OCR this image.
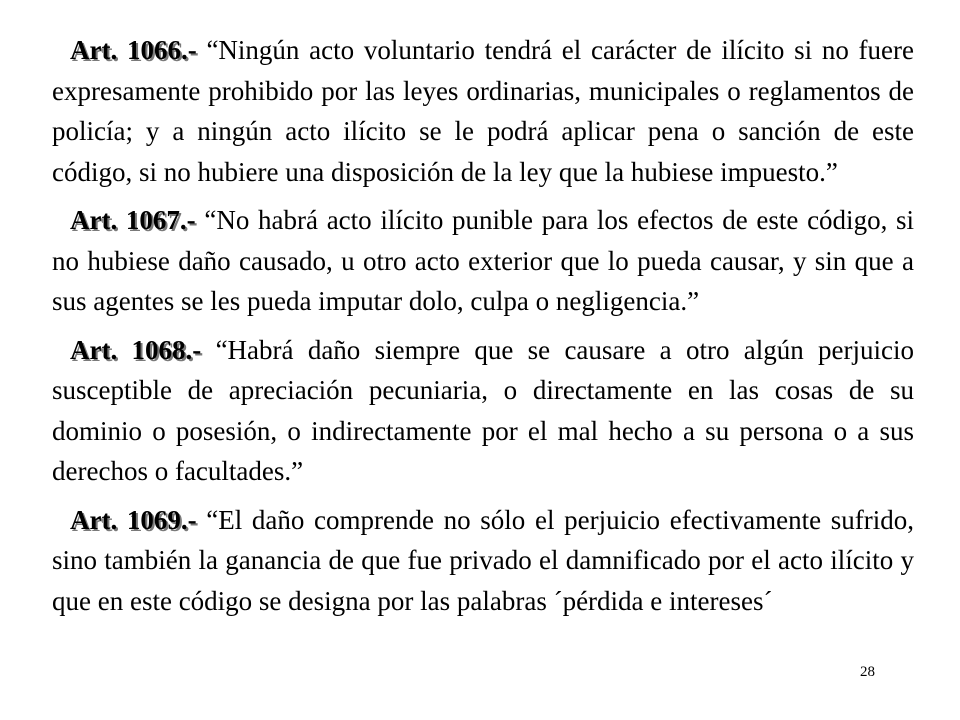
Art. 1066.- “Ningún acto voluntario tendrá el carácter de ilícito si no fuere expresamente prohibido por las leyes ordinarias, municipales o reglamentos de policía; y a ningún acto ilícito se le podrá aplicar pena o sanción de este código, si no hubiere una disposición de la ley que la hubiese impuesto.”

Art. 1067.- “No habrá acto ilícito punible para los efectos de este código, si no hubiese daño causado, u otro acto exterior que lo pueda causar, y sin que a sus agentes se les pueda imputar dolo, culpa o negligencia.”

Art. 1068.- “Habrá daño siempre que se causare a otro algún perjuicio susceptible de apreciación pecuniaria, o directamente en las cosas de su dominio o posesión, o indirectamente por el mal hecho a su persona o a sus derechos o facultades.”

Art. 1069.- “El daño comprende no sólo el perjuicio efectivamente sufrido, sino también la ganancia de que fue privado el damnificado por el acto ilícito y que en este código se designa por las palabras ´pérdida e intereses´

28
